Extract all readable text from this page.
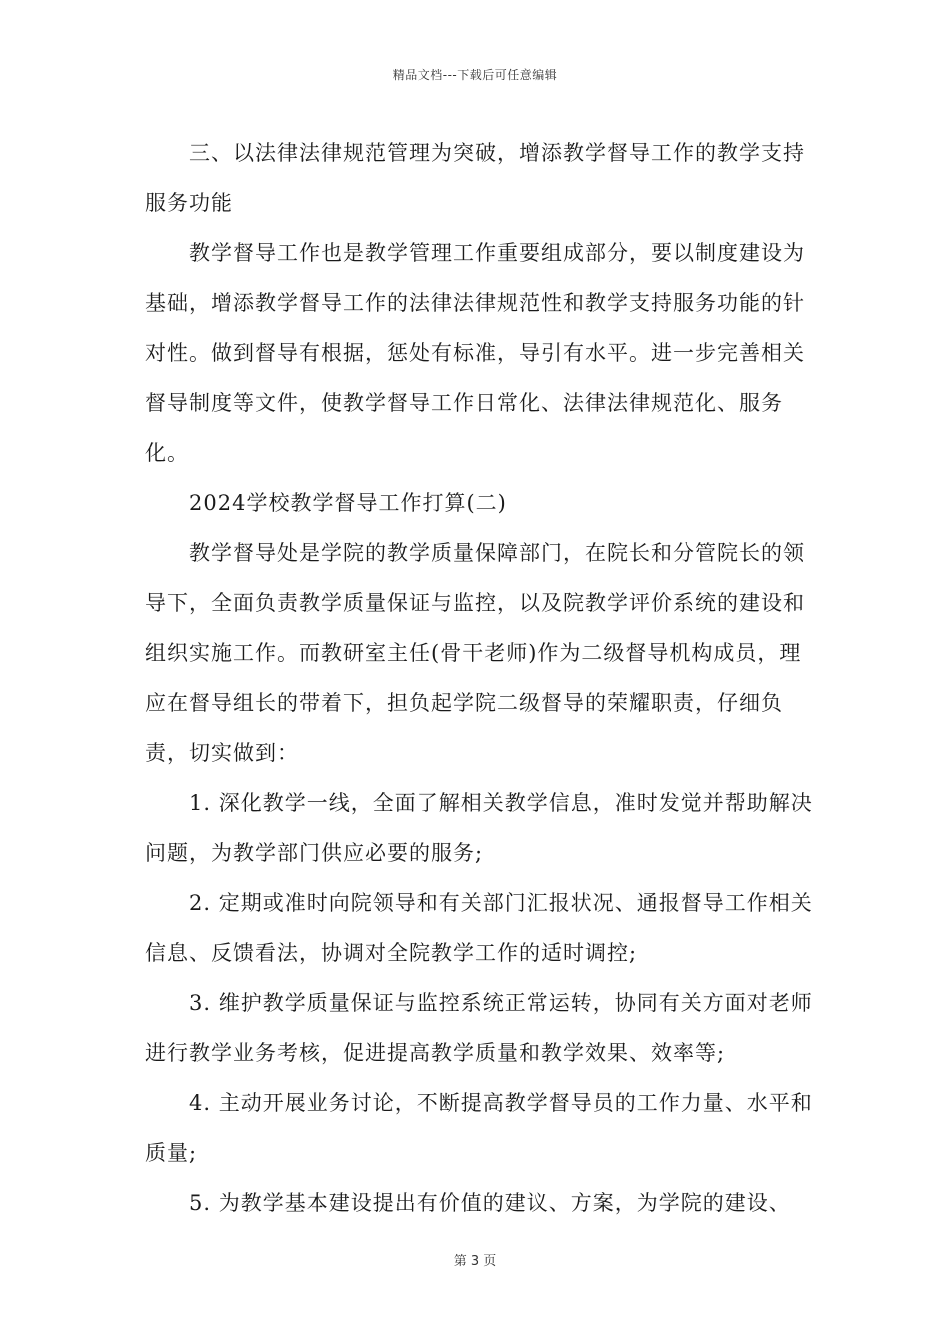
精品文档---下载后可任意编辑

三、以法律法律规范管理为突破，增添教学督导工作的教学支持服务功能

教学督导工作也是教学管理工作重要组成部分，要以制度建设为基础，增添教学督导工作的法律法律规范性和教学支持服务功能的针对性。做到督导有根据，惩处有标准，导引有水平。进一步完善相关督导制度等文件，使教学督导工作日常化、法律法律规范化、服务化。

2024学校教学督导工作打算(二)

教学督导处是学院的教学质量保障部门，在院长和分管院长的领导下，全面负责教学质量保证与监控，以及院教学评价系统的建设和组织实施工作。而教研室主任(骨干老师)作为二级督导机构成员，理应在督导组长的带着下，担负起学院二级督导的荣耀职责，仔细负责，切实做到：

1. 深化教学一线，全面了解相关教学信息，准时发觉并帮助解决问题，为教学部门供应必要的服务;

2. 定期或准时向院领导和有关部门汇报状况、通报督导工作相关信息、反馈看法，协调对全院教学工作的适时调控;

3. 维护教学质量保证与监控系统正常运转，协同有关方面对老师进行教学业务考核，促进提高教学质量和教学效果、效率等;

4. 主动开展业务讨论，不断提高教学督导员的工作力量、水平和质量;

5. 为教学基本建设提出有价值的建议、方案，为学院的建设、

第 3 页
